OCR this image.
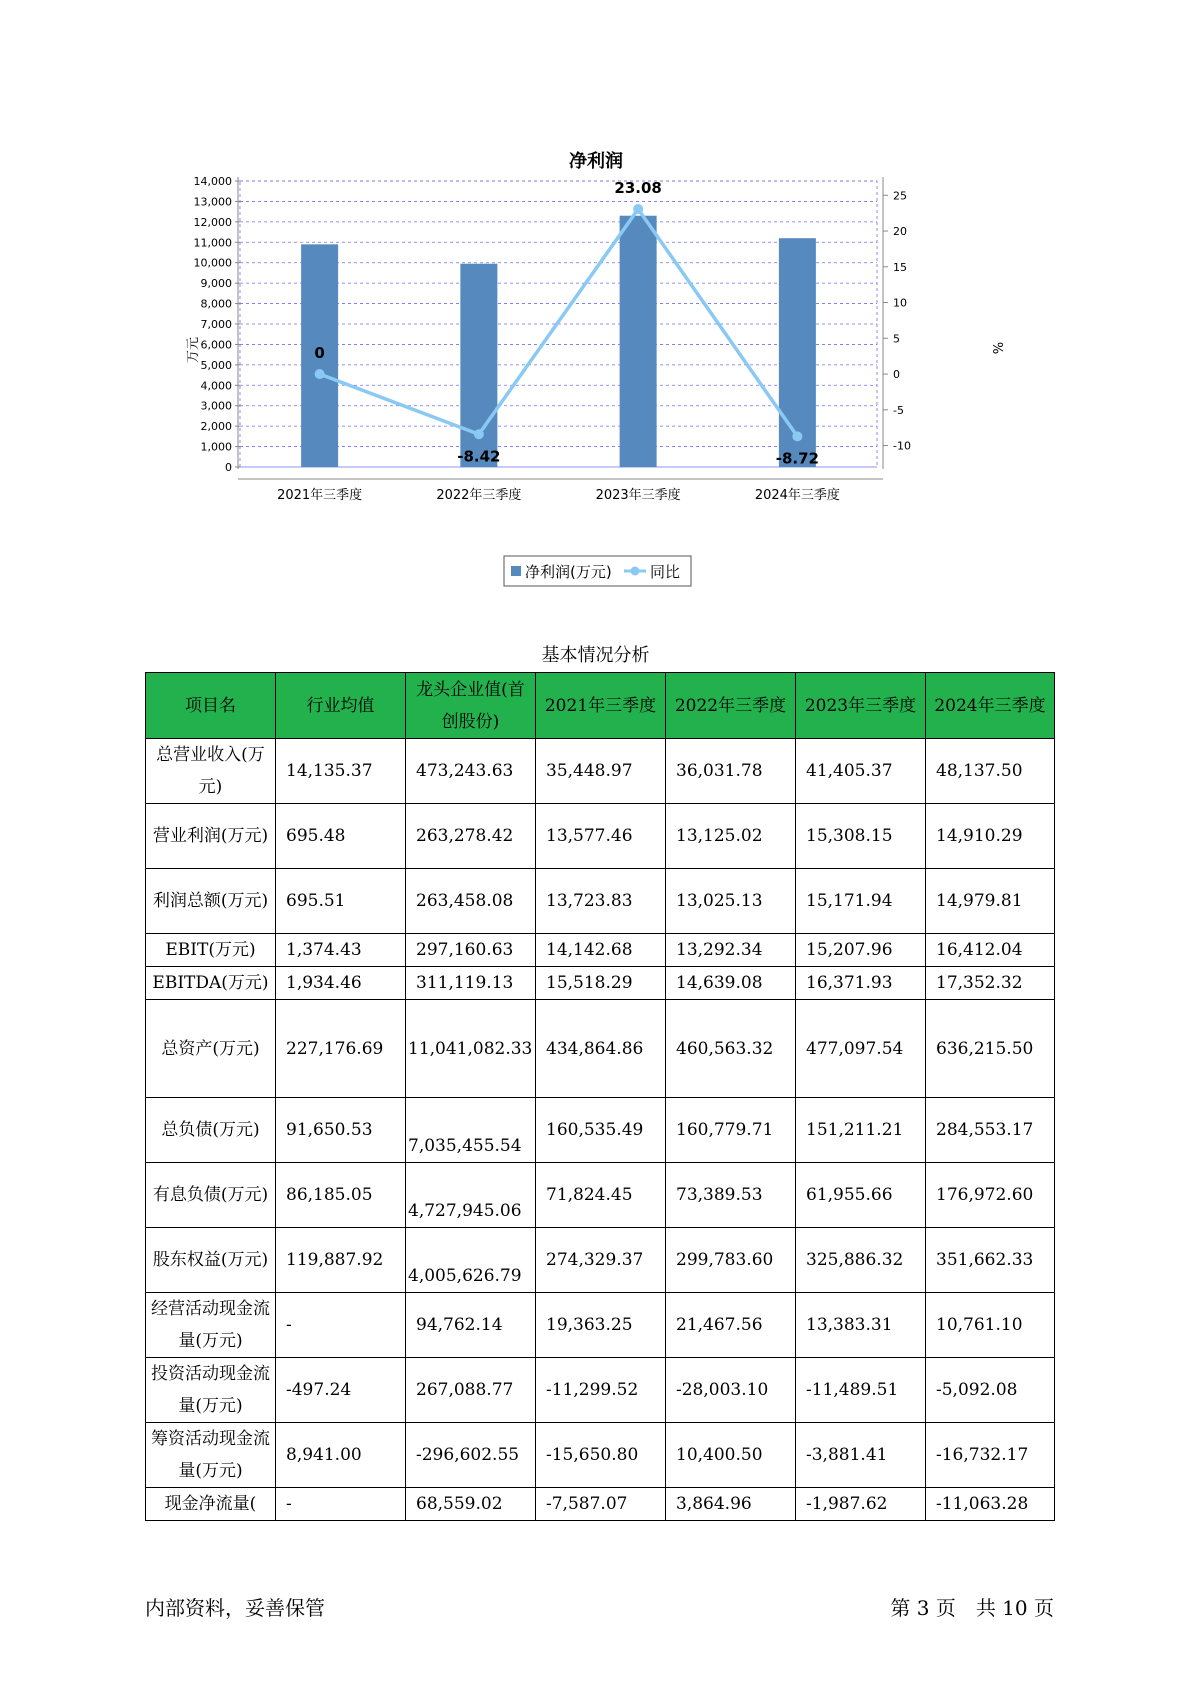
净利润
0
1,000
2,000
3,000
4,000
5,000
6,000
7,000
8,000
9,000
10,000
11,000
12,000
13,000
14,000
-10
-5
0
5
10
15
20
25
2021年三季度	2022年三季度	2023年三季度	2024年三季度
0
-8.42
23.08
-8.72
万元	%
净利润(万元)	同比
基本情况分析
项目名	行业均值	龙头企业值(首创股份)	2021年三季度	2022年三季度	2023年三季度	2024年三季度
总营业收入(万元)	14,135.37	473,243.63	35,448.97	36,031.78	41,405.37	48,137.50
营业利润(万元)	695.48	263,278.42	13,577.46	13,125.02	15,308.15	14,910.29
利润总额(万元)	695.51	263,458.08	13,723.83	13,025.13	15,171.94	14,979.81
EBIT(万元)	1,374.43	297,160.63	14,142.68	13,292.34	15,207.96	16,412.04
EBITDA(万元)	1,934.46	311,119.13	15,518.29	14,639.08	16,371.93	17,352.32
总资产(万元)	227,176.69	11,041,082.33	434,864.86	460,563.32	477,097.54	636,215.50
总负债(万元)	91,650.53	7,035,455.54	160,535.49	160,779.71	151,211.21	284,553.17
有息负债(万元)	86,185.05	4,727,945.06	71,824.45	73,389.53	61,955.66	176,972.60
股东权益(万元)	119,887.92	4,005,626.79	274,329.37	299,783.60	325,886.32	351,662.33
经营活动现金流量(万元)	-	94,762.14	19,363.25	21,467.56	13,383.31	10,761.10
投资活动现金流量(万元)	-497.24	267,088.77	-11,299.52	-28,003.10	-11,489.51	-5,092.08
筹资活动现金流量(万元)	8,941.00	-296,602.55	-15,650.80	10,400.50	-3,881.41	-16,732.17
现金净流量(	-	68,559.02	-7,587.07	3,864.96	-1,987.62	-11,063.28
内部资料，妥善保管	第 3 页　共 10 页
